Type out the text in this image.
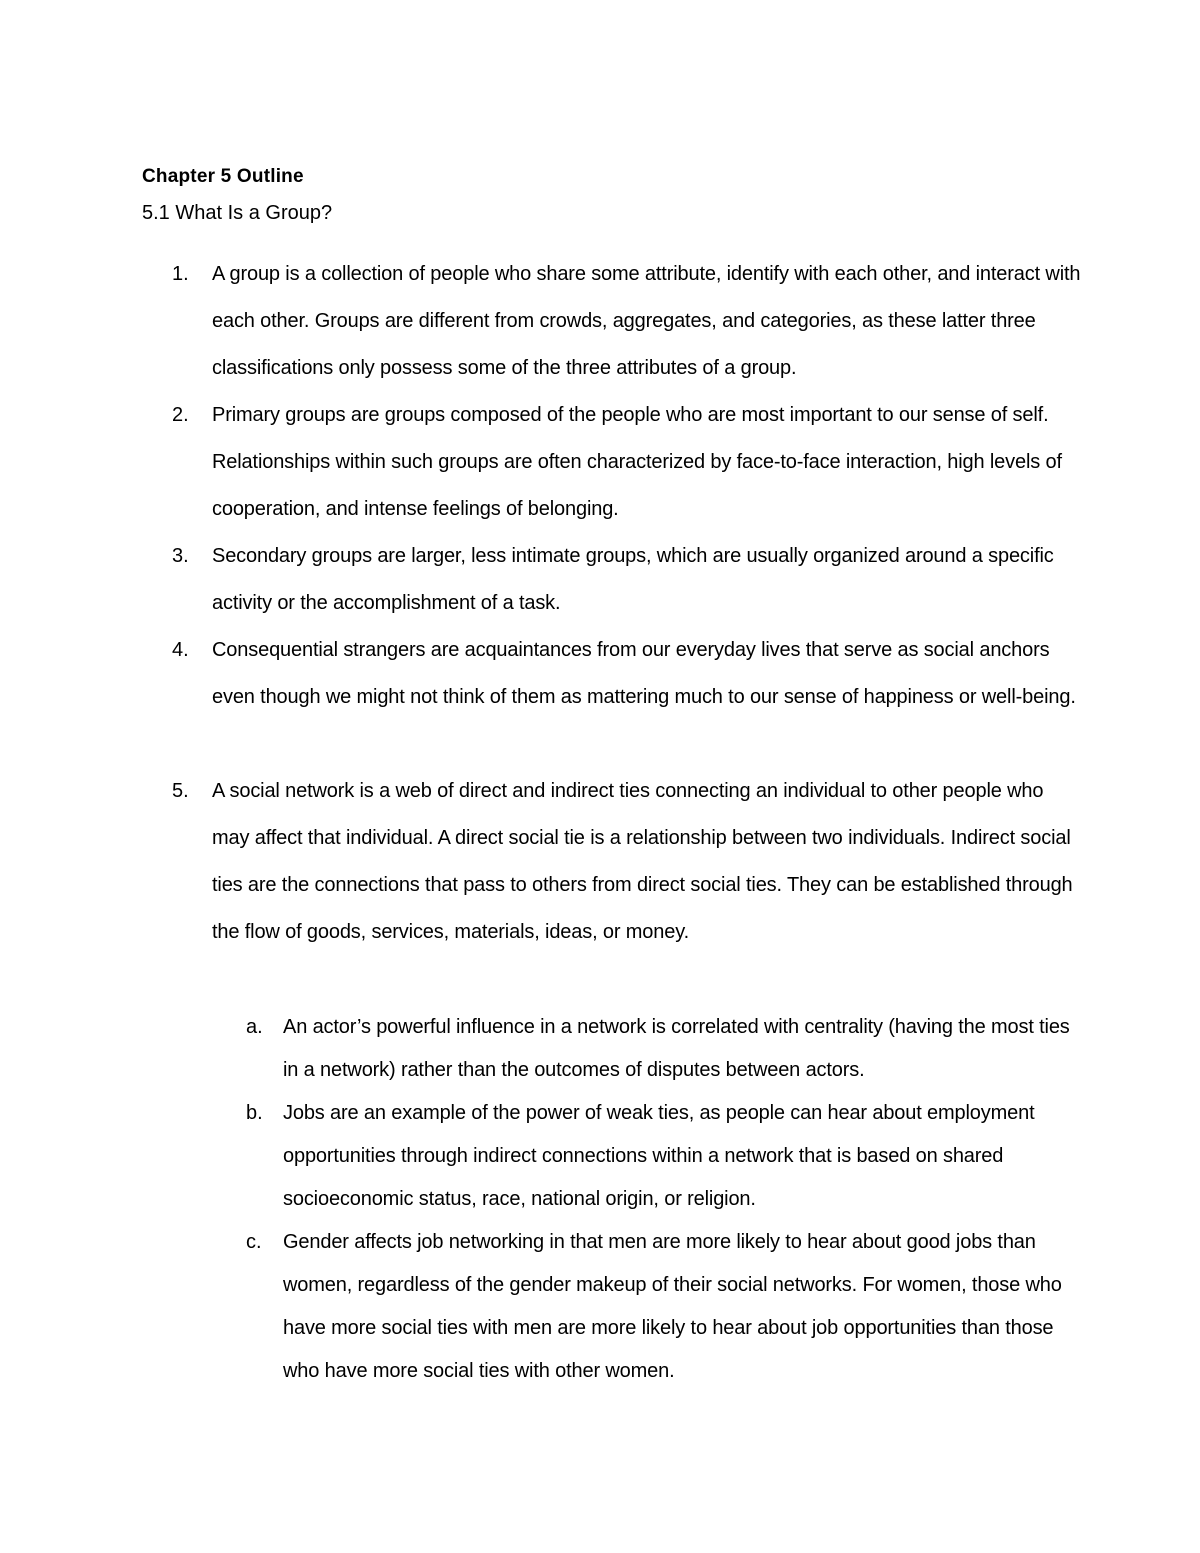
Chapter 5 Outline
5.1 What Is a Group?
1.	A group is a collection of people who share some attribute, identify with each other, and interact with each other. Groups are different from crowds, aggregates, and categories, as these latter three classifications only possess some of the three attributes of a group.
2.	Primary groups are groups composed of the people who are most important to our sense of self. Relationships within such groups are often characterized by face-to-face interaction, high levels of cooperation, and intense feelings of belonging.
3.	Secondary groups are larger, less intimate groups, which are usually organized around a specific activity or the accomplishment of a task.
4.	Consequential strangers are acquaintances from our everyday lives that serve as social anchors even though we might not think of them as mattering much to our sense of happiness or well-being.
5.	A social network is a web of direct and indirect ties connecting an individual to other people who may affect that individual. A direct social tie is a relationship between two individuals. Indirect social ties are the connections that pass to others from direct social ties. They can be established through the flow of goods, services, materials, ideas, or money.
a.	An actor’s powerful influence in a network is correlated with centrality (having the most ties in a network) rather than the outcomes of disputes between actors.
b.	Jobs are an example of the power of weak ties, as people can hear about employment opportunities through indirect connections within a network that is based on shared socioeconomic status, race, national origin, or religion.
c.	Gender affects job networking in that men are more likely to hear about good jobs than women, regardless of the gender makeup of their social networks. For women, those who have more social ties with men are more likely to hear about job opportunities than those who have more social ties with other women.
